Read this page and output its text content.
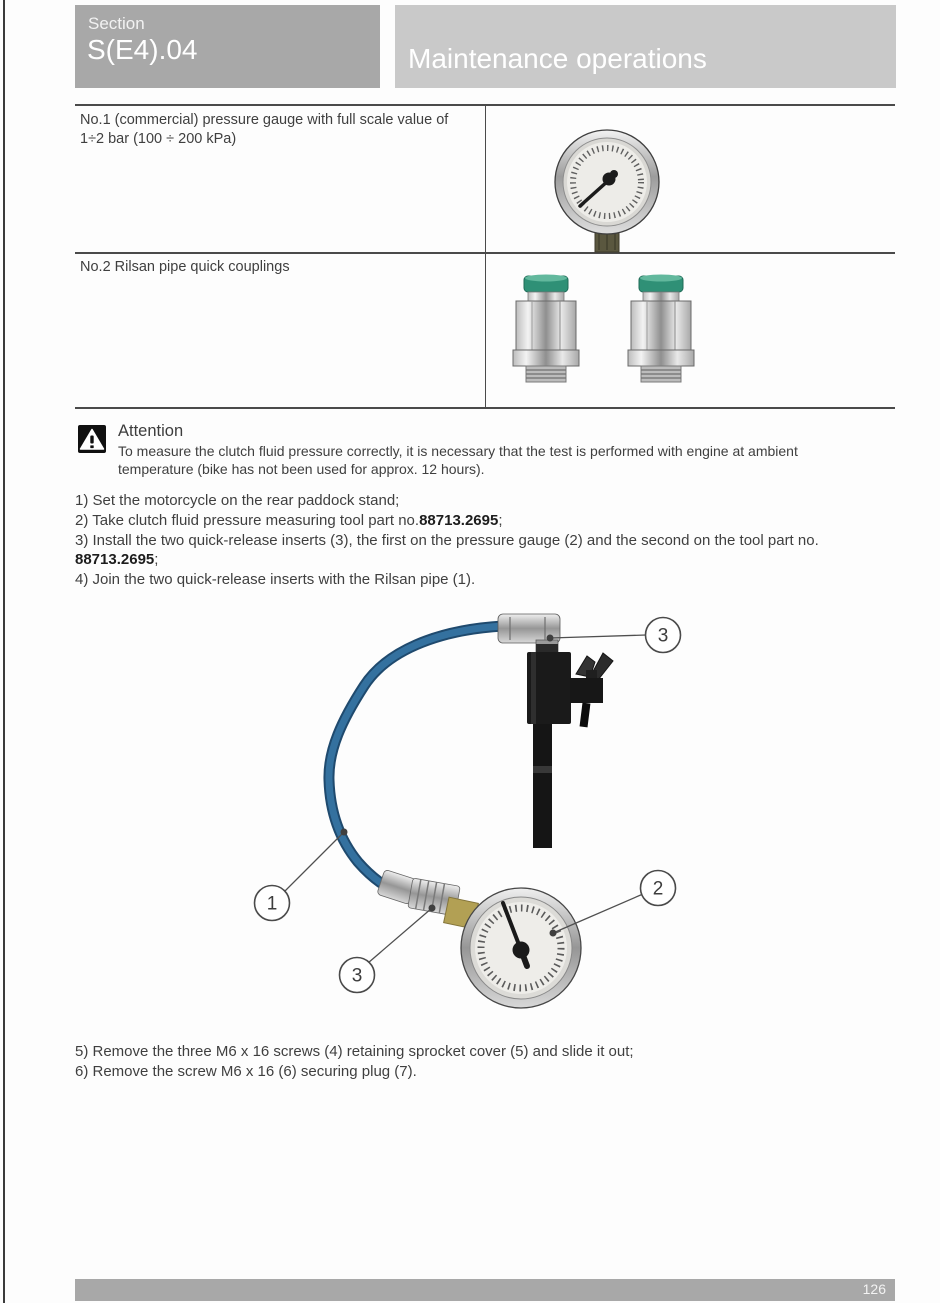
Section
S(E4).04	Maintenance operations
No.1 (commercial) pressure gauge with full scale value of 1÷2 bar (100 ÷ 200 kPa)
No.2 Rilsan pipe quick couplings
Attention
To measure the clutch fluid pressure correctly, it is necessary that the test is performed with engine at ambient temperature (bike has not been used for approx. 12 hours).
1) Set the motorcycle on the rear paddock stand;
2) Take clutch fluid pressure measuring tool part no.88713.2695;
3) Install the two quick-release inserts (3), the first on the pressure gauge (2) and the second on the tool part no.
88713.2695;
4) Join the two quick-release inserts with the Rilsan pipe (1).
3
1
3
2
5) Remove the three M6 x 16 screws (4) retaining sprocket cover (5) and slide it out;
6) Remove the screw M6 x 16 (6) securing plug (7).
126
